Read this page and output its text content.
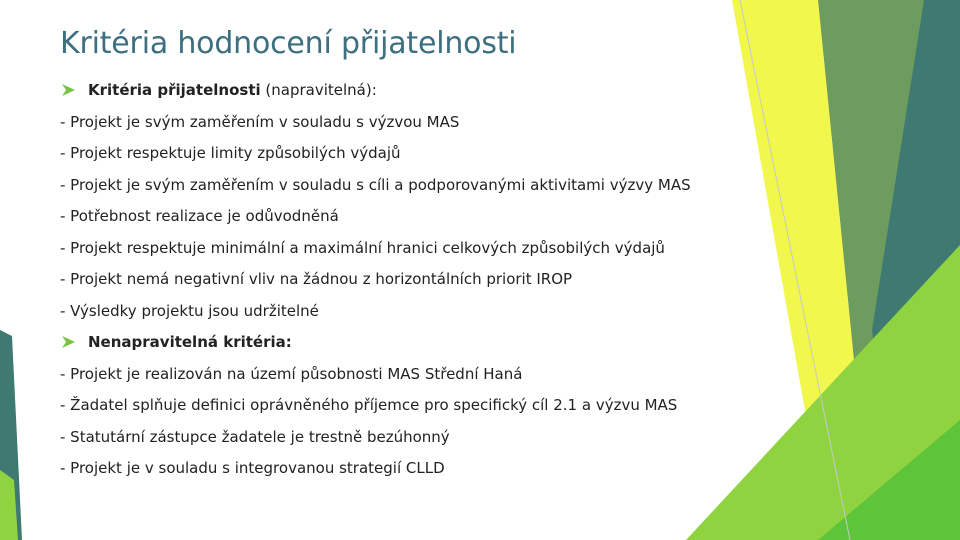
Kritéria hodnocení přijatelnosti
Kritéria přijatelnosti (napravitelná):
- Projekt je svým zaměřením v souladu s výzvou MAS
- Projekt respektuje limity způsobilých výdajů
- Projekt je svým zaměřením v souladu s cíli a podporovanými aktivitami výzvy MAS
- Potřebnost realizace je odůvodněná
- Projekt respektuje minimální a maximální hranici celkových způsobilých výdajů
- Projekt nemá negativní vliv na žádnou z horizontálních priorit IROP
- Výsledky projektu jsou udržitelné
Nenapravitelná kritéria:
- Projekt je realizován na území působnosti MAS Střední Haná
- Žadatel splňuje definici oprávněného příjemce pro specifický cíl 2.1 a výzvu MAS
- Statutární zástupce žadatele je trestně bezúhonný
- Projekt je v souladu s integrovanou strategií CLLD
